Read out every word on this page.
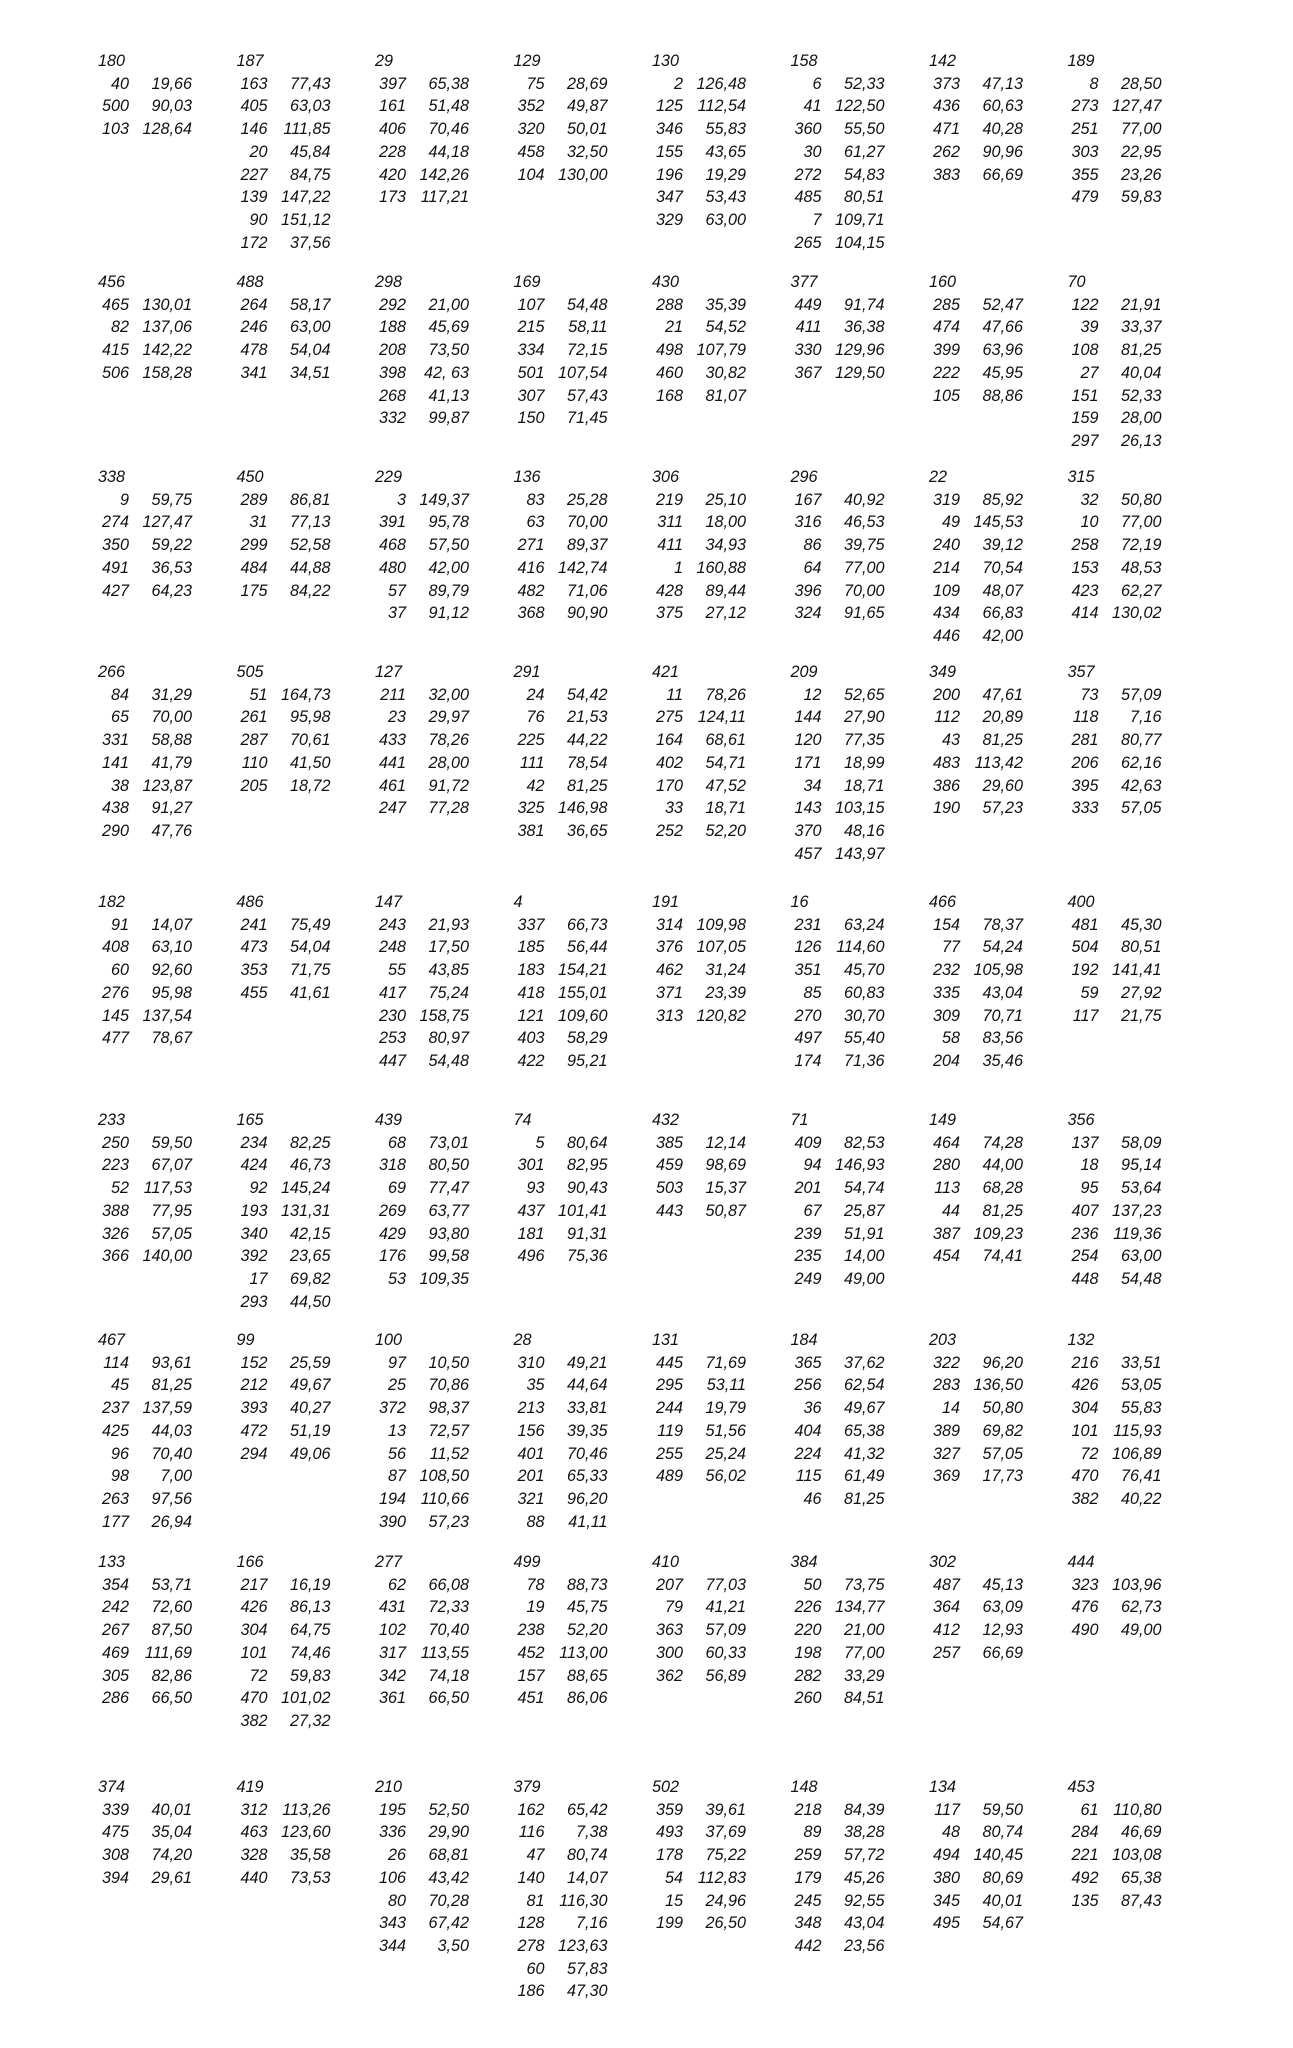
180
40	19,66
500	90,03
103 128,64
187
163	77,43
405	63,03
146 111,85
20	45,84
227	84,75
139 147,22
90 151,12
172	37,56
29
397	65,38
161	51,48
406	70,46
228	44,18
420 142,26
173 117,21
129
75	28,69
352	49,87
320	50,01
458	32,50
104 130,00
130
2 126,48
125 112,54
346	55,83
155	43,65
196	19,29
347	53,43
329	63,00
158
6	52,33
41 122,50
360	55,50
30	61,27
272	54,83
485	80,51
7 109,71
265 104,15
142
373	47,13
436	60,63
471	40,28
262	90,96
383	66,69
189
8	28,50
273 127,47
251	77,00
303	22,95
355	23,26
479	59,83
456
465 130,01
82 137,06
415 142,22
506 158,28
488
264	58,17
246	63,00
478	54,04
341	34,51
298
292	21,00
188	45,69
208	73,50
398	42, 63
268	41,13
332	99,87
169
107	54,48
215	58,11
334	72,15
501 107,54
307	57,43
150	71,45
430
288	35,39
21	54,52
498 107,79
460	30,82
168	81,07
377
449	91,74
411	36,38
330 129,96
367 129,50
160
285	52,47
474	47,66
399	63,96
222	45,95
105	88,86
70
122	21,91
39	33,37
108	81,25
27	40,04
151	52,33
159	28,00
297	26,13
338
9	59,75
274 127,47
350	59,22
491	36,53
427	64,23
450
289	86,81
31	77,13
299	52,58
484	44,88
175	84,22
229
3 149,37
391	95,78
468	57,50
480	42,00
57	89,79
37	91,12
136
83	25,28
63	70,00
271	89,37
416 142,74
482	71,06
368	90,90
306
219	25,10
311	18,00
411	34,93
1 160,88
428	89,44
375	27,12
296
167	40,92
316	46,53
86	39,75
64	77,00
396	70,00
324	91,65
22
319	85,92
49 145,53
240	39,12
214	70,54
109	48,07
434	66,83
446	42,00
315
32	50,80
10	77,00
258	72,19
153	48,53
423	62,27
414 130,02
266
84	31,29
65	70,00
331	58,88
141	41,79
38 123,87
438	91,27
290	47,76
505
51 164,73
261	95,98
287	70,61
110	41,50
205	18,72
127
211	32,00
23	29,97
433	78,26
441	28,00
461	91,72
247	77,28
291
24	54,42
76	21,53
225	44,22
111	78,54
42	81,25
325 146,98
381	36,65
421
11	78,26
275 124,11
164	68,61
402	54,71
170	47,52
33	18,71
252	52,20
209
12	52,65
144	27,90
120	77,35
171	18,99
34	18,71
143 103,15
370	48,16
457 143,97
349
200	47,61
112	20,89
43	81,25
483 113,42
386	29,60
190	57,23
357
73	57,09
118	7,16
281	80,77
206	62,16
395	42,63
333	57,05
182
91	14,07
408	63,10
60	92,60
276	95,98
145 137,54
477	78,67
486
241	75,49
473	54,04
353	71,75
455	41,61
147
243	21,93
248	17,50
55	43,85
417	75,24
230 158,75
253	80,97
447	54,48
4
337	66,73
185	56,44
183 154,21
418 155,01
121 109,60
403	58,29
422	95,21
191
314 109,98
376 107,05
462	31,24
371	23,39
313 120,82
16
231	63,24
126 114,60
351	45,70
85	60,83
270	30,70
497	55,40
174	71,36
466
154	78,37
77	54,24
232 105,98
335	43,04
309	70,71
58	83,56
204	35,46
400
481	45,30
504	80,51
192 141,41
59	27,92
117	21,75
233
250	59,50
223	67,07
52 117,53
388	77,95
326	57,05
366 140,00
165
234	82,25
424	46,73
92 145,24
193 131,31
340	42,15
392	23,65
17	69,82
293	44,50
439
68	73,01
318	80,50
69	77,47
269	63,77
429	93,80
176	99,58
53 109,35
74
5	80,64
301	82,95
93	90,43
437 101,41
181	91,31
496	75,36
432
385	12,14
459	98,69
503	15,37
443	50,87
71
409	82,53
94 146,93
201	54,74
67	25,87
239	51,91
235	14,00
249	49,00
149
464	74,28
280	44,00
113	68,28
44	81,25
387 109,23
454	74,41
356
137	58,09
18	95,14
95	53,64
407 137,23
236 119,36
254	63,00
448	54,48
467
114	93,61
45	81,25
237 137,59
425	44,03
96	70,40
98	7,00
263	97,56
177	26,94
99
152	25,59
212	49,67
393	40,27
472	51,19
294	49,06
100
97	10,50
25	70,86
372	98,37
13	72,57
56	11,52
87 108,50
194 110,66
390	57,23
28
310	49,21
35	44,64
213	33,81
156	39,35
401	70,46
201	65,33
321	96,20
88	41,11
131
445	71,69
295	53,11
244	19,79
119	51,56
255	25,24
489	56,02
184
365	37,62
256	62,54
36	49,67
404	65,38
224	41,32
115	61,49
46	81,25
203
322	96,20
283 136,50
14	50,80
389	69,82
327	57,05
369	17,73
132
216	33,51
426	53,05
304	55,83
101 115,93
72 106,89
470	76,41
382	40,22
133
354	53,71
242	72,60
267	87,50
469 111,69
305	82,86
286	66,50
166
217	16,19
426	86,13
304	64,75
101	74,46
72	59,83
470 101,02
382	27,32
277
62	66,08
431	72,33
102	70,40
317 113,55
342	74,18
361	66,50
499
78	88,73
19	45,75
238	52,20
452 113,00
157	88,65
451	86,06
410
207	77,03
79	41,21
363	57,09
300	60,33
362	56,89
384
50	73,75
226 134,77
220	21,00
198	77,00
282	33,29
260	84,51
302
487	45,13
364	63,09
412	12,93
257	66,69
444
323 103,96
476	62,73
490	49,00
374
339	40,01
475	35,04
308	74,20
394	29,61
419
312 113,26
463 123,60
328	35,58
440	73,53
210
195	52,50
336	29,90
26	68,81
106	43,42
80	70,28
343	67,42
344	3,50
379
162	65,42
116	7,38
47	80,74
140	14,07
81 116,30
128	7,16
278 123,63
60	57,83
186	47,30
502
359	39,61
493	37,69
178	75,22
54 112,83
15	24,96
199	26,50
148
218	84,39
89	38,28
259	57,72
179	45,26
245	92,55
348	43,04
442	23,56
134
117	59,50
48	80,74
494 140,45
380	80,69
345	40,01
495	54,67
453
61 110,80
284	46,69
221 103,08
492	65,38
135	87,43
